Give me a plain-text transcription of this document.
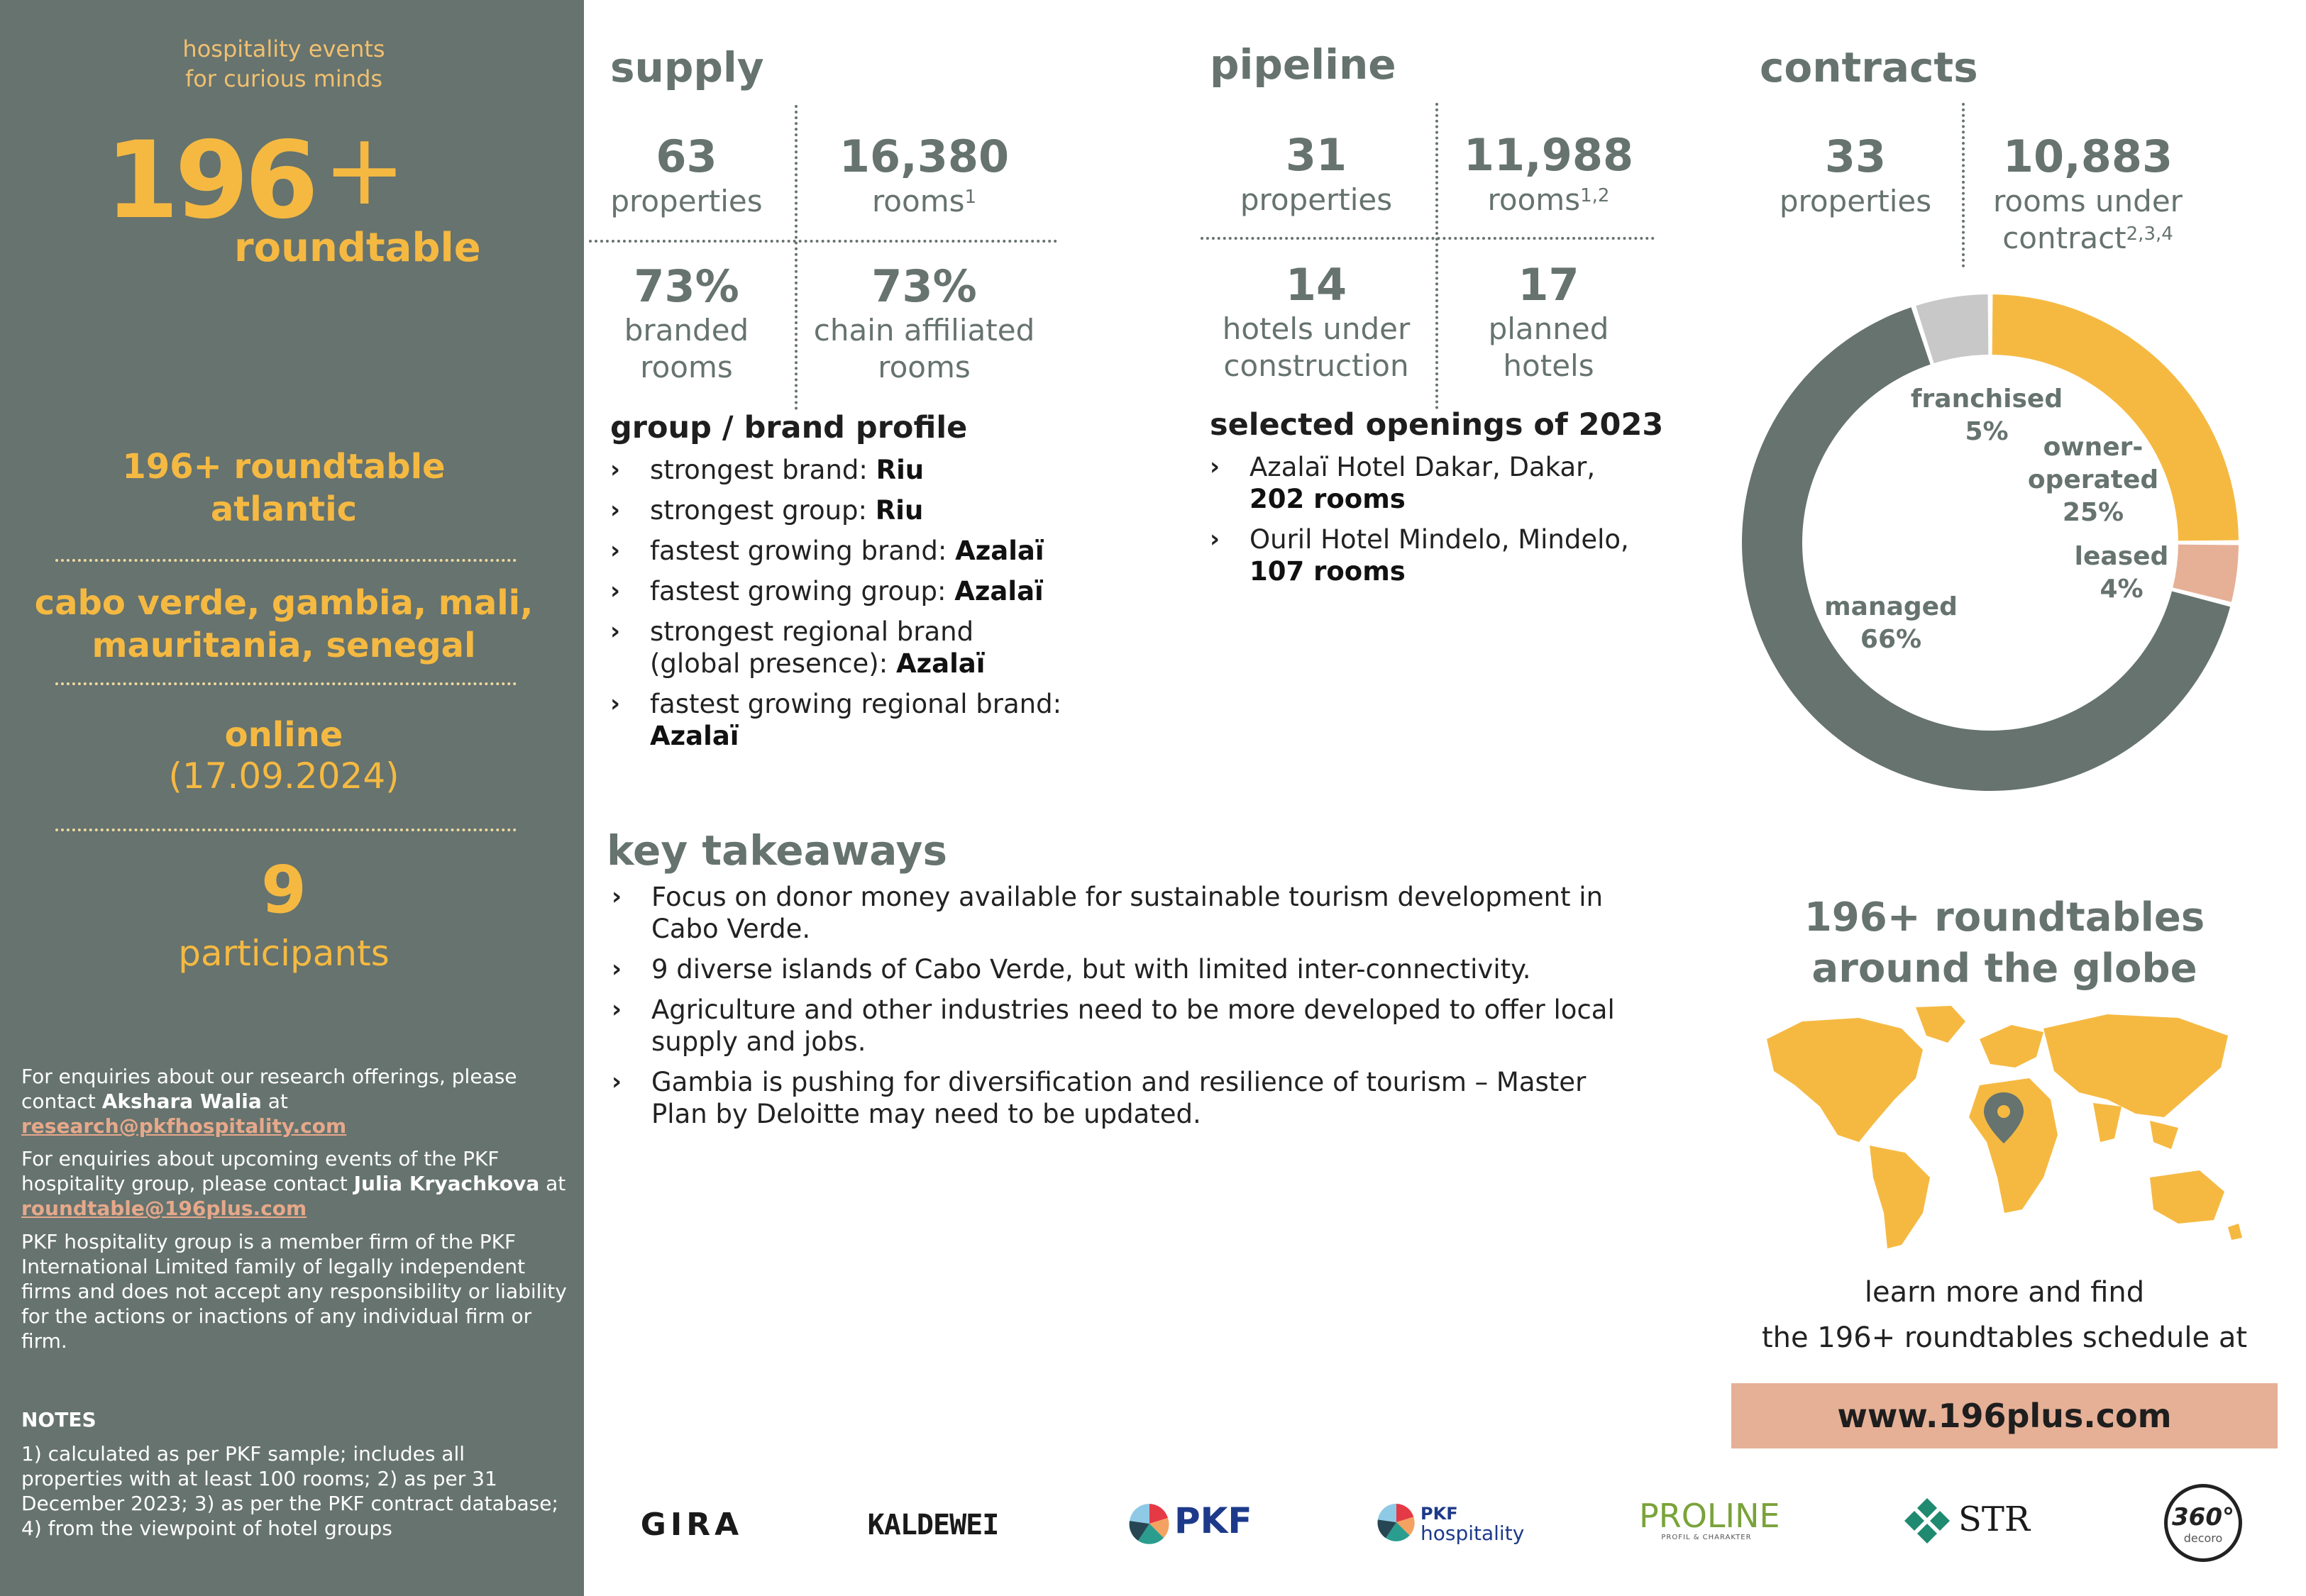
hospitality events
for curious minds
196 +
roundtable
196+ roundtable
atlantic
cabo verde, gambia, mali,
mauritania, senegal
online
(17.09.2024)
9
participants
For enquiries about our research offerings, please contact Akshara Walia at
research@pkfhospitality.com
For enquiries about upcoming events of the PKF hospitality group, please contact Julia Kryachkova at roundtable@196plus.com
PKF hospitality group is a member firm of the PKF International Limited family of legally independent firms and does not accept any responsibility or liability for the actions or inactions of any individual firm or firm.
NOTES
1) calculated as per PKF sample; includes all properties with at least 100 rooms; 2) as per 31 December 2023; 3) as per the PKF contract database; 4) from the viewpoint of hotel groups
supply
63
properties
16,380
rooms$^1$
73%
branded
rooms
73%
chain affiliated
rooms
pipeline
31
properties
11,988
rooms$^{1,2}$
14
hotels under
construction
17
planned
hotels
contracts
33
properties
10,883
rooms under
contract$^{2,3,4}$
franchised
5%
owner-
operated
25%
leased
4%
managed
66%
group / brand profile
› strongest brand: Riu
› strongest group: Riu
› fastest growing brand: Azalaï
› fastest growing group: Azalaï
› strongest regional brand (global presence): Azalaï
› fastest growing regional brand:
Azalaï
selected openings of 2023
› Azalaï Hotel Dakar, Dakar,
202 rooms
› Ouril Hotel Mindelo, Mindelo,
107 rooms
key takeaways
› Focus on donor money available for sustainable tourism development in Cabo Verde.
› 9 diverse islands of Cabo Verde, but with limited inter-connectivity.
› Agriculture and other industries need to be more developed to offer local supply and jobs.
› Gambia is pushing for diversification and resilience of tourism – Master Plan by Deloitte may need to be updated.
196+ roundtables
around the globe
learn more and find
the 196+ roundtables schedule at
www.196plus.com
GIRA	KALDEWEI	PKF	PKF
hospitality	PROLINE
PROFIL & CHARAKTER	STR	360°
decoro
